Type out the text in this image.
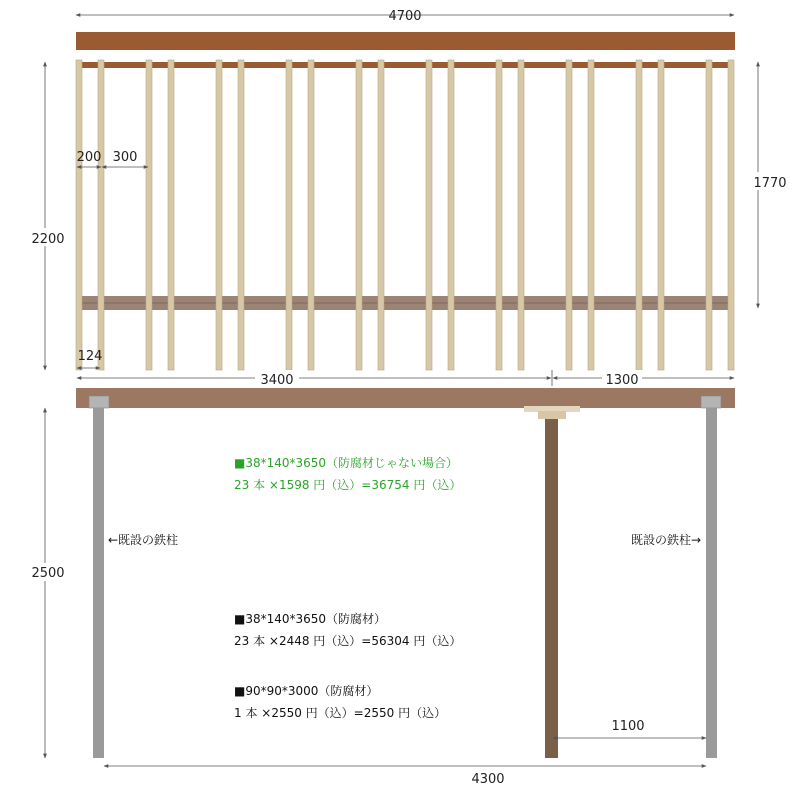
4700
2200
1770
200 300
124
3400	1300
2500
1100
4300
←既設の鉄柱	既設の鉄柱→
■38*140*3650（防腐材じゃない場合）
23 本 ×1598 円（込）=36754 円（込）
■38*140*3650（防腐材）
23 本 ×2448 円（込）=56304 円（込）
■90*90*3000（防腐材）
1 本 ×2550 円（込）=2550 円（込）
